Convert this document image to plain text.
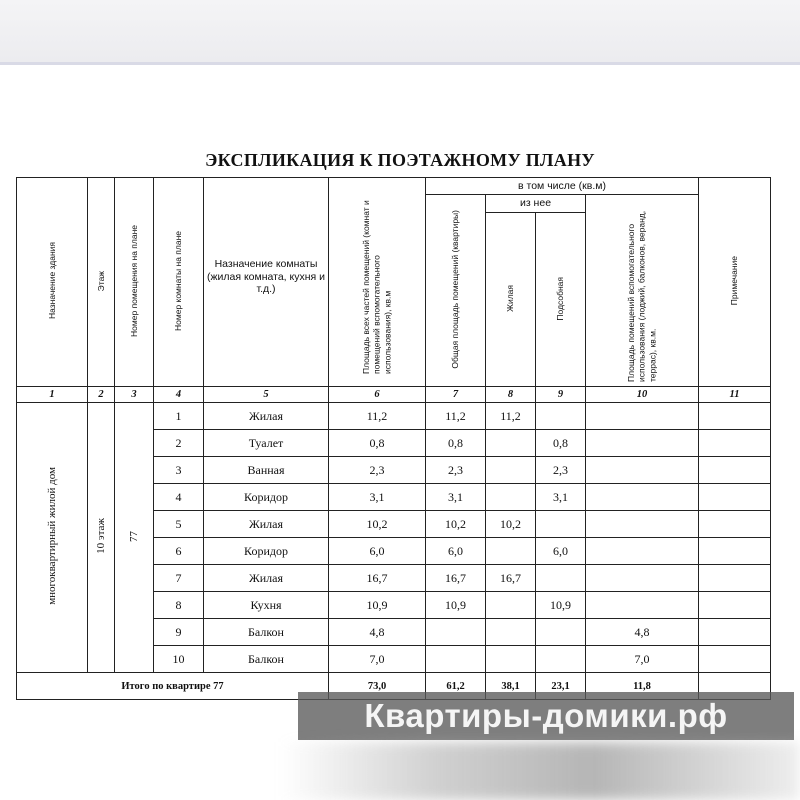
ЭКСПЛИКАЦИЯ К ПОЭТАЖНОМУ ПЛАНУ
Назначение здания	Этаж	Номер помещения на плане	Номер комнаты на плане	Назначение комнаты (жилая комната, кухня и т.д.)	Площадь всех частей помещений (комнат и помещений вспомогательного использования), кв.м	в том числе (кв.м)				Примечание

						Общая площадь помещений (квартиры)	из нее		Площадь помещений вспомогательного использования (лоджий, балконов, веранд, террас), кв.м.	

							Жилая	Подсобная		

1	2	3	4	5	6	7	8	9	10	11
многоквартирный жилой дом	10 этаж	77	1	Жилая	11,2	11,2	11,2			
			2	Туалет	0,8	0,8		0,8		
			3	Ванная	2,3	2,3		2,3		
			4	Коридор	3,1	3,1		3,1		
			5	Жилая	10,2	10,2	10,2			
			6	Коридор	6,0	6,0		6,0		
			7	Жилая	16,7	16,7	16,7			
			8	Кухня	10,9	10,9		10,9		
			9	Балкон	4,8				4,8	
			10	Балкон	7,0				7,0	
Итого по квартире 77					73,0	61,2	38,1	23,1	11,8	
Квартиры-домики.рф
